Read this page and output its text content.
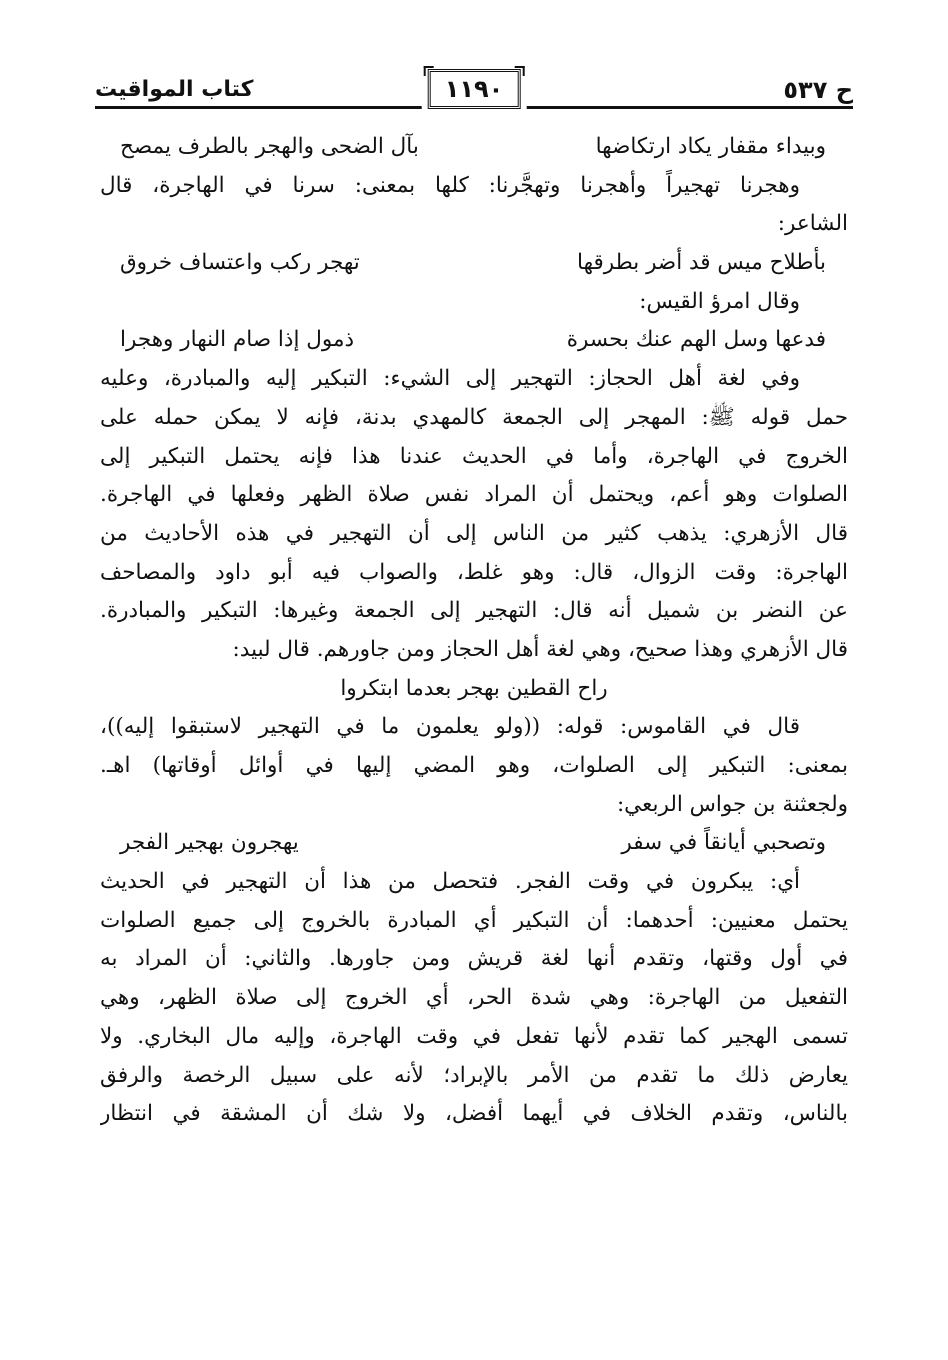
ح ٥٣٧
١١٩٠
كتاب المواقيت
وبيداء مقفار يكاد ارتكاضها
بآل الضحى والهجر بالطرف يمصح
وهجرنا تهجيراً وأهجرنا وتهجَّرنا: كلها بمعنى: سرنا في الهاجرة، قال
الشاعر:
بأطلاح ميس قد أضر بطرقها
تهجر ركب واعتساف خروق
وقال امرؤ القيس:
فدعها وسل الهم عنك بحسرة
ذمول إذا صام النهار وهجرا
وفي لغة أهل الحجاز: التهجير إلى الشيء: التبكير إليه والمبادرة، وعليه
حمل قوله ﷺ: المهجر إلى الجمعة كالمهدي بدنة، فإنه لا يمكن حمله على
الخروج في الهاجرة، وأما في الحديث عندنا هذا فإنه يحتمل التبكير إلى
الصلوات وهو أعم، ويحتمل أن المراد نفس صلاة الظهر وفعلها في الهاجرة.
قال الأزهري: يذهب كثير من الناس إلى أن التهجير في هذه الأحاديث من
الهاجرة: وقت الزوال، قال: وهو غلط، والصواب فيه أبو داود والمصاحف
عن النضر بن شميل أنه قال: التهجير إلى الجمعة وغيرها: التبكير والمبادرة.
قال الأزهري وهذا صحيح، وهي لغة أهل الحجاز ومن جاورهم. قال لبيد:
راح القطين بهجر بعدما ابتكروا
قال في القاموس: قوله: ((ولو يعلمون ما في التهجير لاستبقوا إليه))،
بمعنى: التبكير إلى الصلوات، وهو المضي إليها في أوائل أوقاتها) اهـ.
ولجعثنة بن جواس الربعي:
وتصحبي أيانقاً في سفر
يهجرون بهجير الفجر
أي: يبكرون في وقت الفجر. فتحصل من هذا أن التهجير في الحديث
يحتمل معنيين: أحدهما: أن التبكير أي المبادرة بالخروج إلى جميع الصلوات
في أول وقتها، وتقدم أنها لغة قريش ومن جاورها. والثاني: أن المراد به
التفعيل من الهاجرة: وهي شدة الحر، أي الخروج إلى صلاة الظهر، وهي
تسمى الهجير كما تقدم لأنها تفعل في وقت الهاجرة، وإليه مال البخاري. ولا
يعارض ذلك ما تقدم من الأمر بالإبراد؛ لأنه على سبيل الرخصة والرفق
بالناس، وتقدم الخلاف في أيهما أفضل، ولا شك أن المشقة في انتظار
